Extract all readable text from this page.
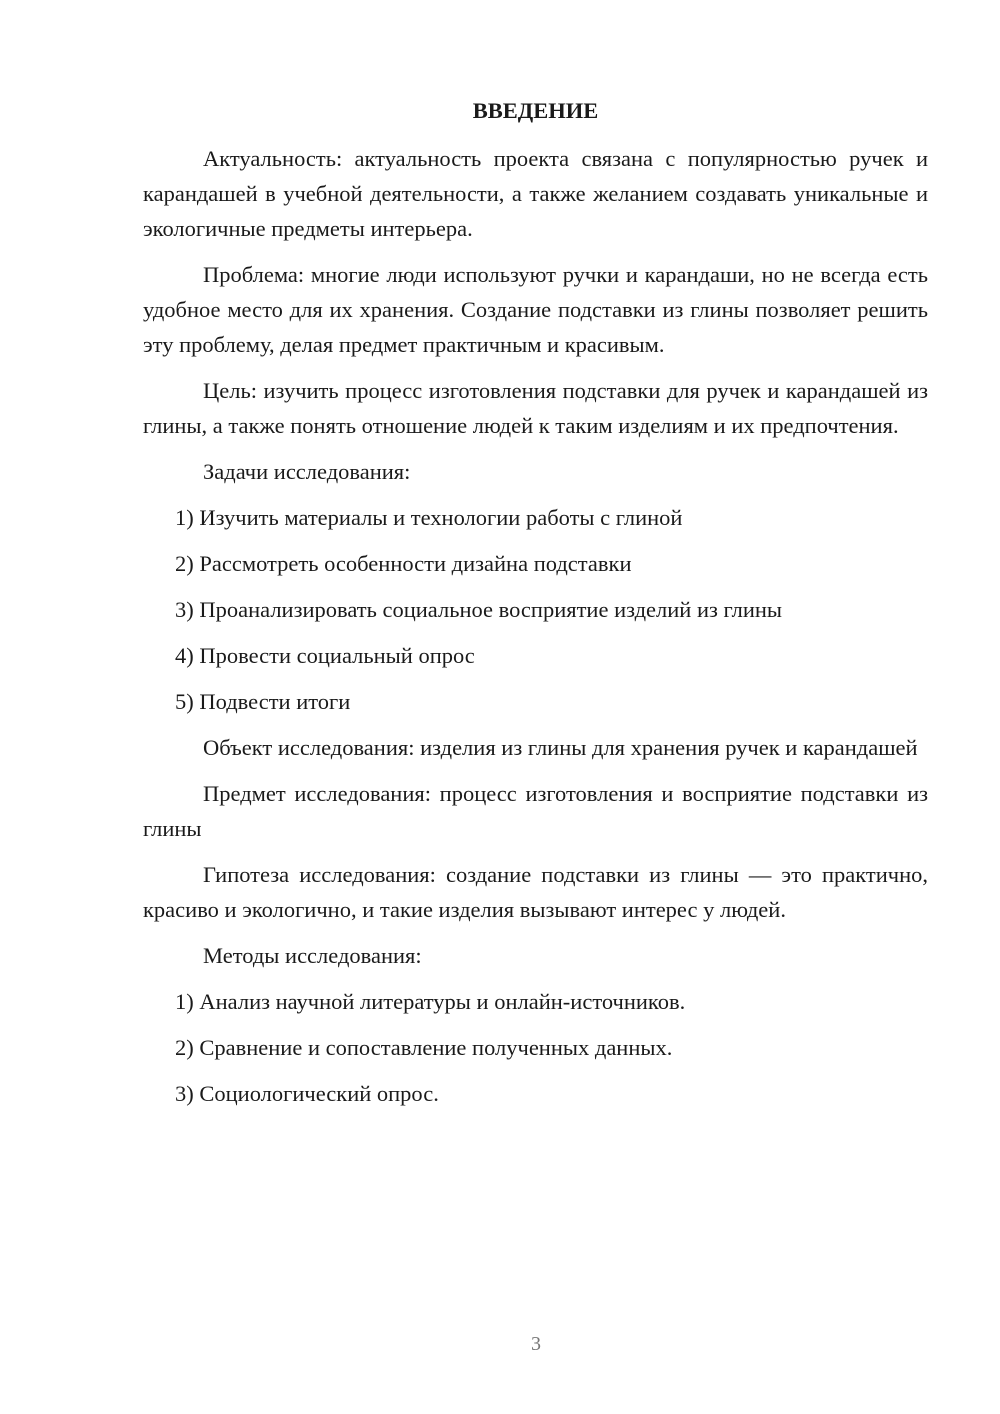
ВВЕДЕНИЕ

Актуальность: актуальность проекта связана с популярностью ручек и карандашей в учебной деятельности, а также желанием создавать уникальные и экологичные предметы интерьера.

Проблема: многие люди используют ручки и карандаши, но не всегда есть удобное место для их хранения. Создание подставки из глины позволяет решить эту проблему, делая предмет практичным и красивым.

Цель: изучить процесс изготовления подставки для ручек и карандашей из глины, а также понять отношение людей к таким изделиям и их предпочтения.

Задачи исследования:

1) Изучить материалы и технологии работы с глиной

2) Рассмотреть особенности дизайна подставки

3) Проанализировать социальное восприятие изделий из глины

4) Провести социальный опрос

5) Подвести итоги

Объект исследования: изделия из глины для хранения ручек и карандашей

Предмет исследования: процесс изготовления и восприятие подставки из глины

Гипотеза исследования: создание подставки из глины — это практично, красиво и экологично, и такие изделия вызывают интерес у людей.

Методы исследования:

1) Анализ научной литературы и онлайн-источников.

2) Сравнение и сопоставление полученных данных.

3) Социологический опрос.

3
